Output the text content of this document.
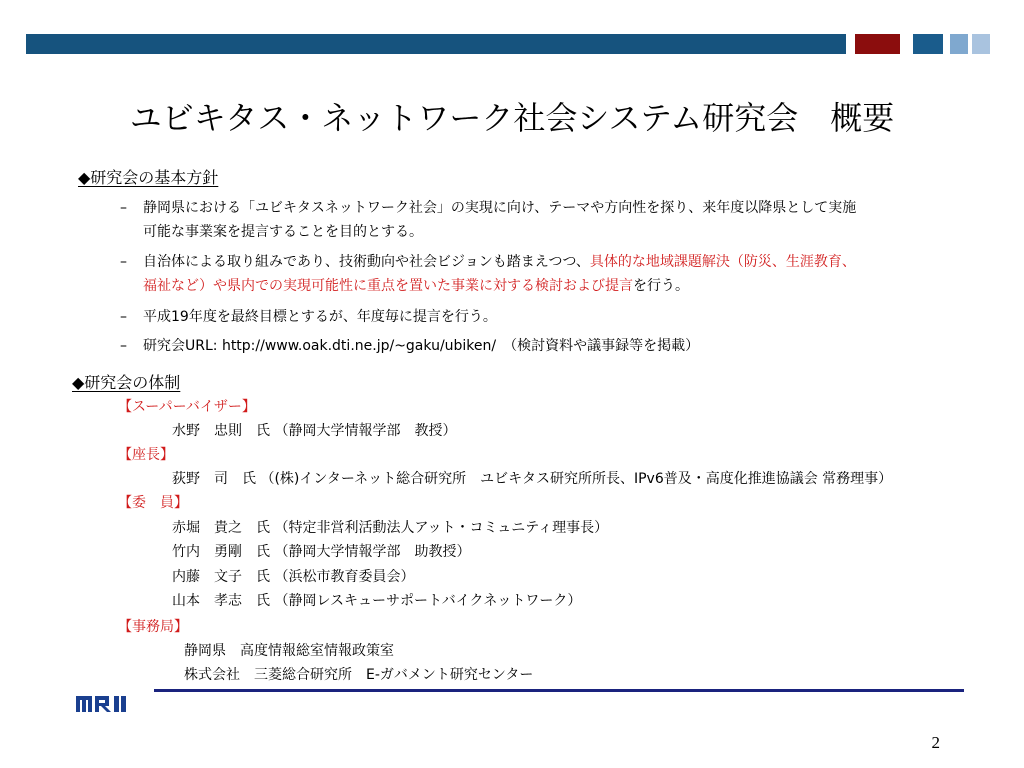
ユビキタス・ネットワーク社会システム研究会　概要
◆研究会の基本方針
– 静岡県における「ユビキタスネットワーク社会」の実現に向け、テーマや方向性を探り、来年度以降県として実施
可能な事業案を提言することを目的とする。
– 自治体による取り組みであり、技術動向や社会ビジョンも踏まえつつ、具体的な地域課題解決（防災、生涯教育、
福祉など）や県内での実現可能性に重点を置いた事業に対する検討および提言を行う。
– 平成19年度を最終目標とするが、年度毎に提言を行う。
– 研究会URL: http://www.oak.dti.ne.jp/~gaku/ubiken/　（検討資料や議事録等を掲載）
◆研究会の体制
【スーパーバイザー】
水野　忠則　氏 （静岡大学情報学部　教授）
【座長】
荻野　司　氏 （(株)インターネット総合研究所　ユビキタス研究所所長、IPv6普及・高度化推進協議会 常務理事）
【委　員】
赤堀　貴之　氏 （特定非営利活動法人アット・コミュニティ理事長）
竹内　勇剛　氏 （静岡大学情報学部　助教授）
内藤　文子　氏 （浜松市教育委員会）
山本　孝志　氏 （静岡レスキューサポートバイクネットワーク）
【事務局】
静岡県　高度情報総室情報政策室
株式会社　三菱総合研究所　E-ガバメント研究センター
2
